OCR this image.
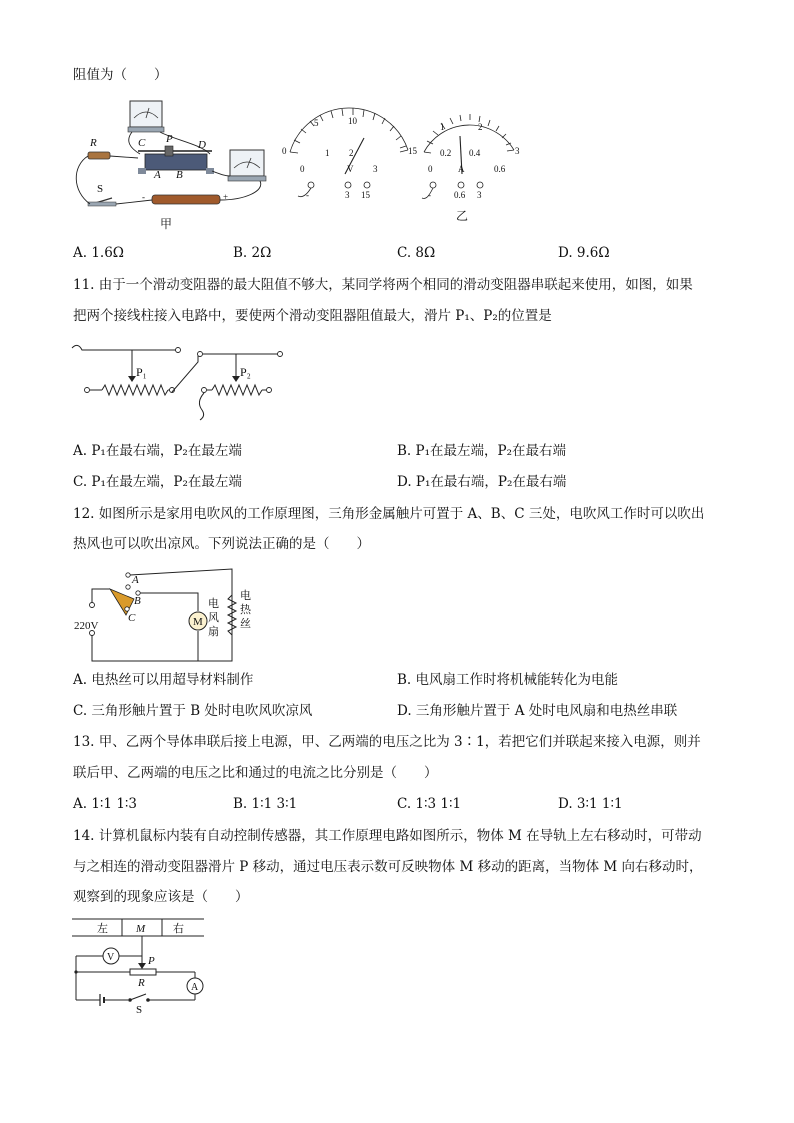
阻值为（　　）
R	C P D
A B
-	+
S
甲
0
5	10
15
0
1 2
3
V
-	3 15
1	2
3
0
0.2 0.4
0.6
A
-	0.6 3
乙
A. 1.6Ω	B. 2Ω	C. 8Ω	D. 9.6Ω
11. 由于一个滑动变阻器的最大阻值不够大，某同学将两个相同的滑动变阻器串联起来使用，如图，如果
把两个接线柱接入电路中，要使两个滑动变阻器阻值最大，滑片 P₁、P₂的位置是
P₁	P₂
A. P₁在最右端，P₂在最左端	B. P₁在最左端，P₂在最右端
C. P₁在最左端，P₂在最左端	D. P₁在最右端，P₂在最右端
12. 如图所示是家用电吹风的工作原理图，三角形金属触片可置于 A、B、C 三处，电吹风工作时可以吹出
热风也可以吹出凉风。下列说法正确的是（　　）
220V
A
B
C	M
电
风
扇
电
热
丝
A. 电热丝可以用超导材料制作	B. 电风扇工作时将机械能转化为电能
C. 三角形触片置于 B 处时电吹风吹凉风	D. 三角形触片置于 A 处时电风扇和电热丝串联
13. 甲、乙两个导体串联后接上电源，甲、乙两端的电压之比为 3∶1，若把它们并联起来接入电源，则并
联后甲、乙两端的电压之比和通过的电流之比分别是（　　）
A. 1∶1 1∶3	B. 1∶1 3∶1	C. 1∶3 1∶1	D. 3∶1 1∶1
14. 计算机鼠标内装有自动控制传感器，其工作原理电路如图所示，物体 M 在导轨上左右移动时，可带动
与之相连的滑动变阻器滑片 P 移动，通过电压表示数可反映物体 M 移动的距离，当物体 M 向右移动时，
观察到的现象应该是（　　）
左	M	右
P
V
R	A
S
